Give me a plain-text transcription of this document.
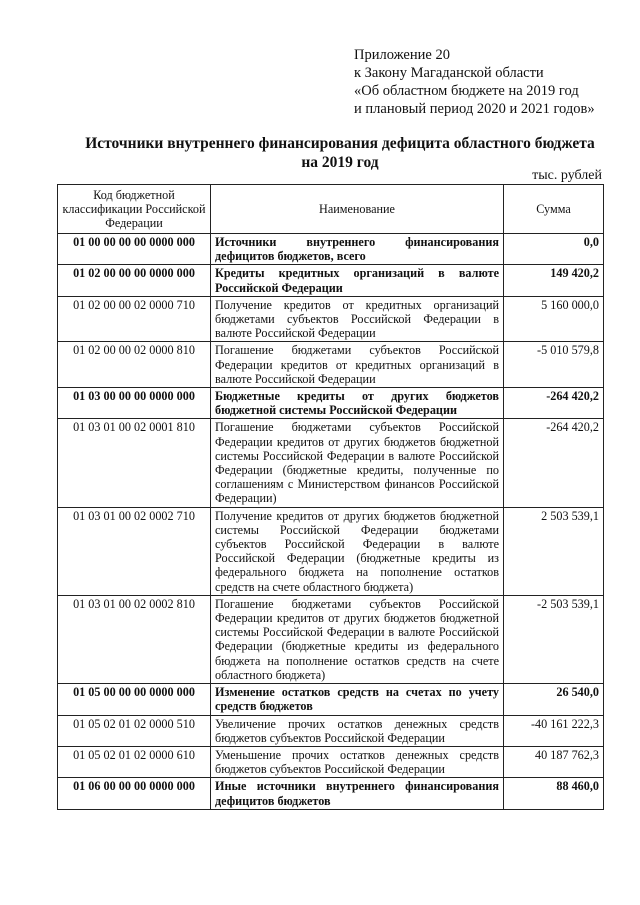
Приложение 20
к Закону Магаданской области
«Об областном бюджете на 2019 год
и плановый период 2020 и 2021 годов»
Источники внутреннего финансирования дефицита областного бюджета
на 2019 год
тыс. рублей
Код бюджетной классификации Российской Федерации	Наименование	Сумма
01 00 00 00 00 0000 000	Источники внутреннего финансирования дефицитов бюджетов, всего	0,0
01 02 00 00 00 0000 000	Кредиты кредитных организаций в валюте Российской Федерации	149 420,2
01 02 00 00 02 0000 710	Получение кредитов от кредитных организаций бюджетами субъектов Российской Федерации в валюте Российской Федерации	5 160 000,0
01 02 00 00 02 0000 810	Погашение бюджетами субъектов Российской Федерации кредитов от кредитных организаций в валюте Российской Федерации	-5 010 579,8
01 03 00 00 00 0000 000	Бюджетные кредиты от других бюджетов бюджетной системы Российской Федерации	-264 420,2
01 03 01 00 02 0001 810	Погашение бюджетами субъектов Российской Федерации кредитов от других бюджетов бюджетной системы Российской Федерации в валюте Российской Федерации (бюджетные кредиты, полученные по соглашениям с Министерством финансов Российской Федерации)	-264 420,2
01 03 01 00 02 0002 710	Получение кредитов от других бюджетов бюджетной системы Российской Федерации бюджетами субъектов Российской Федерации в валюте Российской Федерации (бюджетные кредиты из федерального бюджета на пополнение остатков средств на счете областного бюджета)	2 503 539,1
01 03 01 00 02 0002 810	Погашение бюджетами субъектов Российской Федерации кредитов от других бюджетов бюджетной системы Российской Федерации в валюте Российской Федерации (бюджетные кредиты из федерального бюджета на пополнение остатков средств на счете областного бюджета)	-2 503 539,1
01 05 00 00 00 0000 000	Изменение остатков средств на счетах по учету средств бюджетов	26 540,0
01 05 02 01 02 0000 510	Увеличение прочих остатков денежных средств бюджетов субъектов Российской Федерации	-40 161 222,3
01 05 02 01 02 0000 610	Уменьшение прочих остатков денежных средств бюджетов субъектов Российской Федерации	40 187 762,3
01 06 00 00 00 0000 000	Иные источники внутреннего финансирования дефицитов бюджетов	88 460,0
